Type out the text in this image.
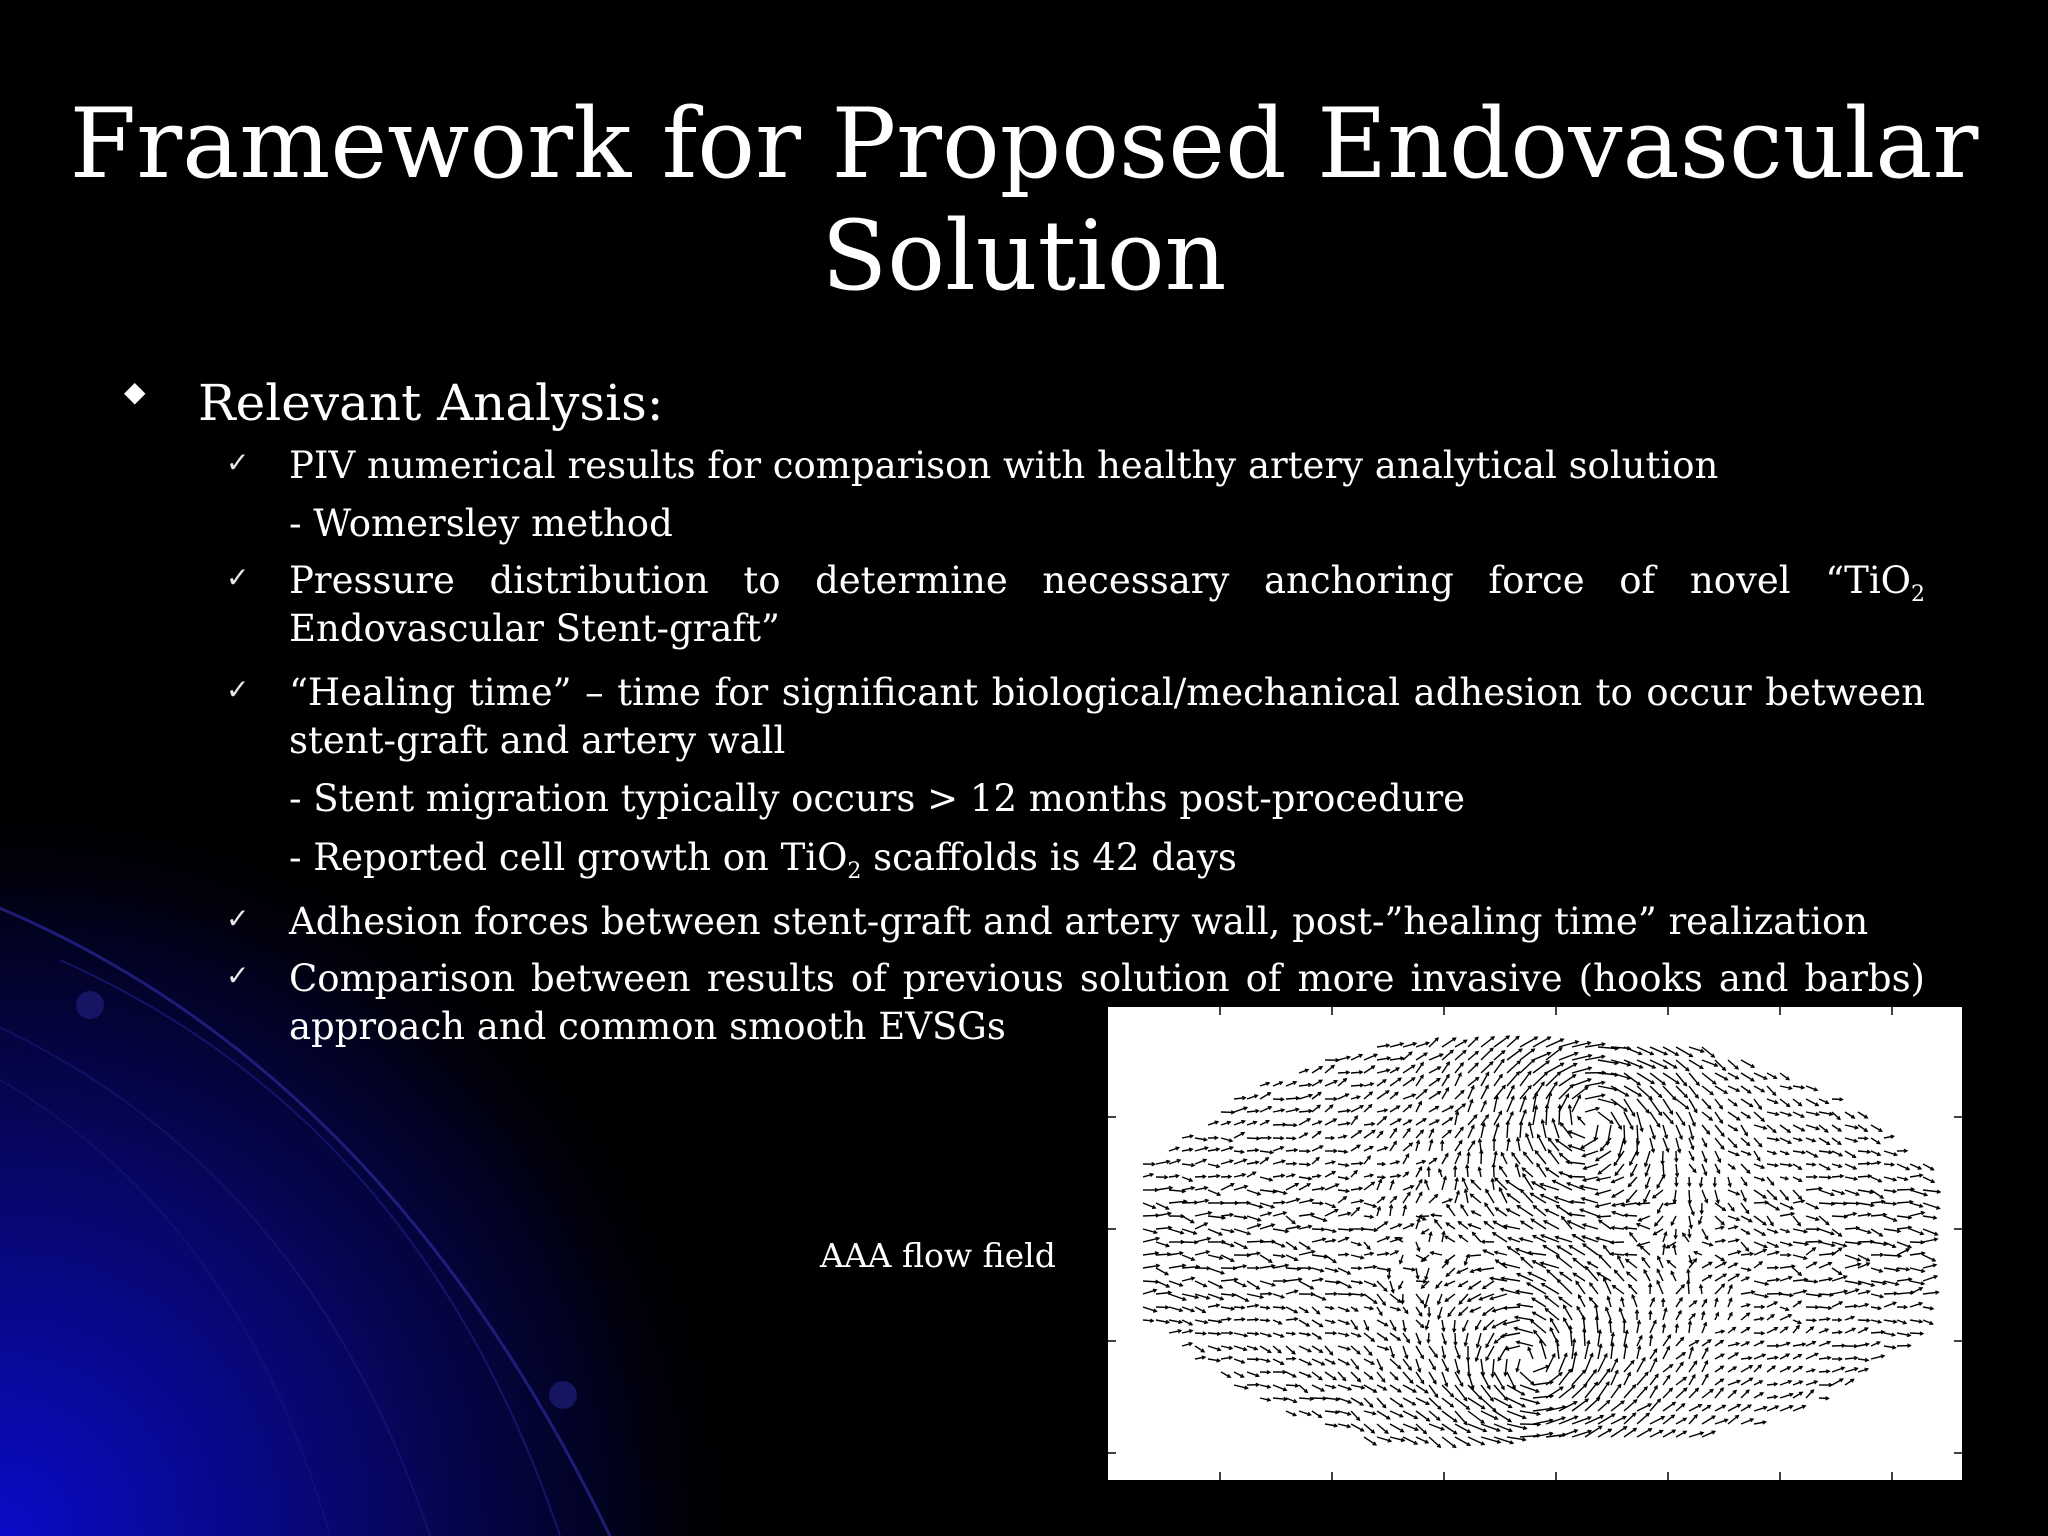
Framework for Proposed Endovascular
Solution
◆ Relevant Analysis:
✓ PIV numerical results for comparison with healthy artery analytical solution
- Womersley method
✓ Pressure distribution to determine necessary anchoring force of novel “TiO$_2$ Endovascular Stent-graft”
✓ “Healing time” – time for significant biological/mechanical adhesion to occur between stent-graft and artery wall
- Stent migration typically occurs > 12 months post-procedure
- Reported cell growth on TiO$_2$ scaffolds is 42 days
✓ Adhesion forces between stent-graft and artery wall, post-”healing time” realization
✓ Comparison between results of previous solution of more invasive (hooks and barbs) approach and common smooth EVSGs
AAA flow field
